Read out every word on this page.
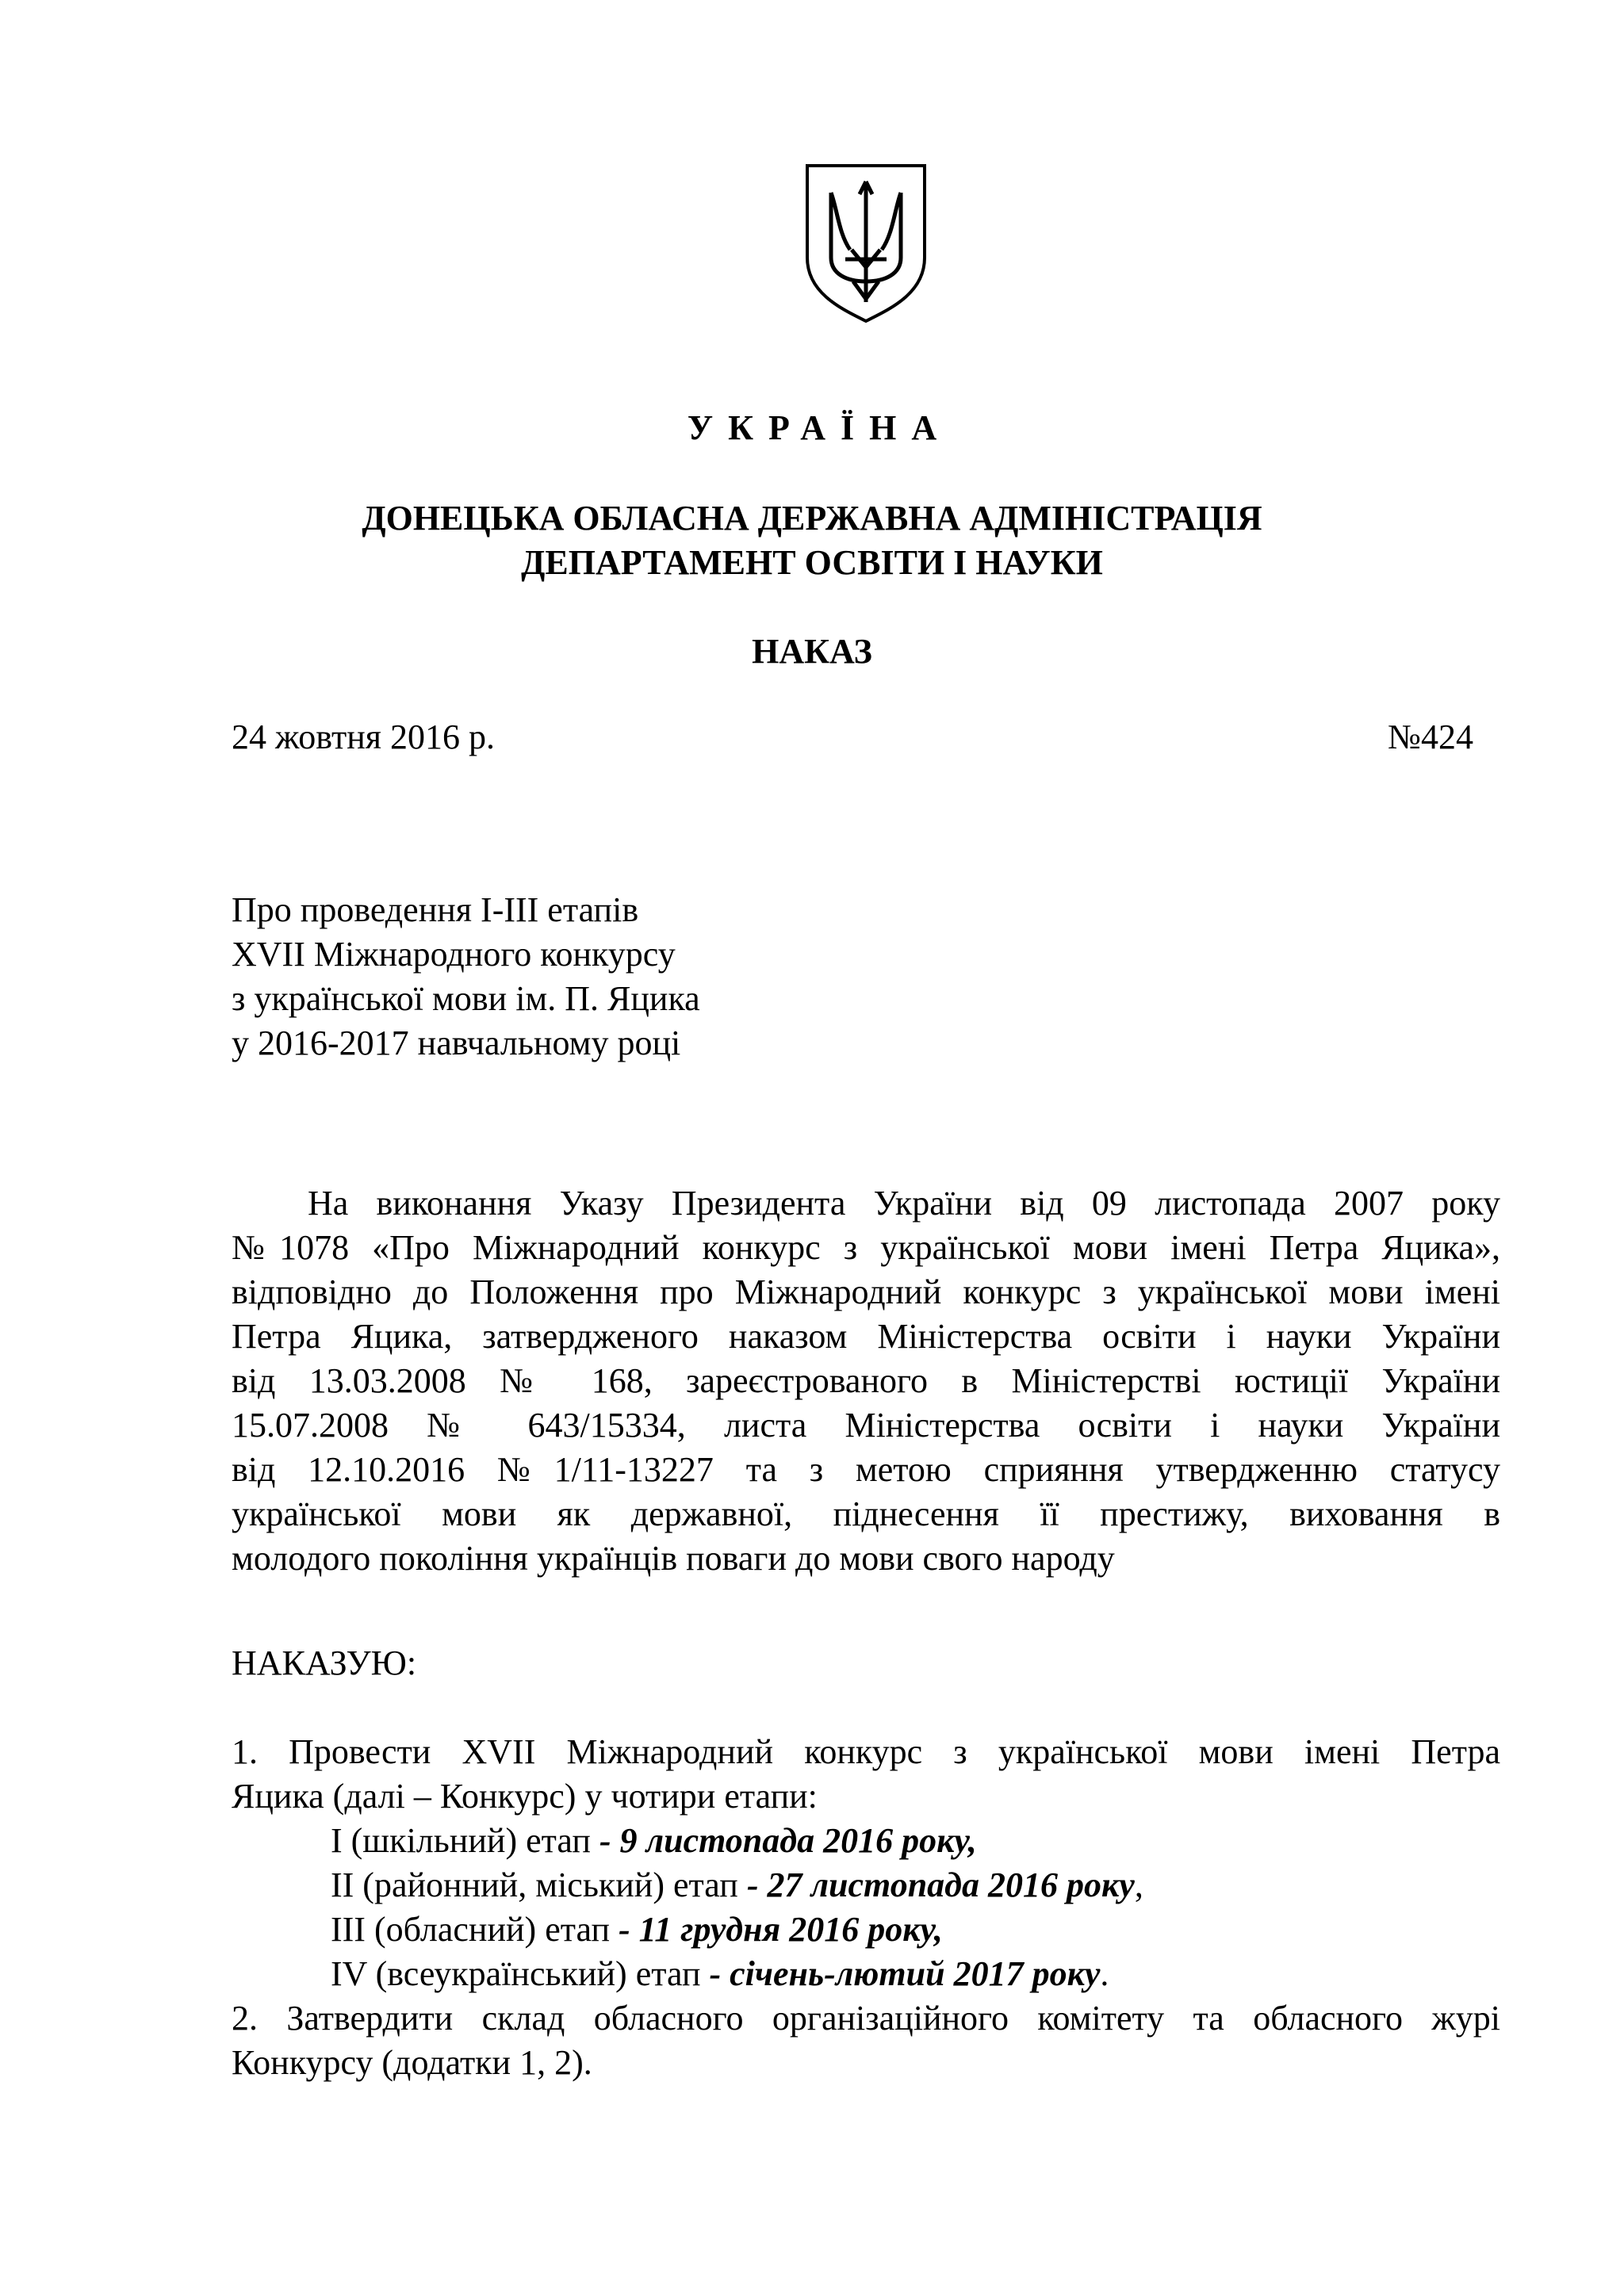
УКРАЇНА
ДОНЕЦЬКА ОБЛАСНА ДЕРЖАВНА АДМІНІСТРАЦІЯ
ДЕПАРТАМЕНТ ОСВІТИ І НАУКИ
НАКАЗ
24 жовтня 2016 р.	№424
Про проведення І-ІІІ етапів
XVII Міжнародного конкурсу
з української мови ім. П. Яцика
у 2016-2017 навчальному році
На виконання Указу Президента України від 09 листопада 2007 року
№1078 «Про Міжнародний конкурс з української мови імені Петра Яцика»,
відповідно до Положення про Міжнародний конкурс з української мови імені
Петра Яцика, затвердженого наказом Міністерства освіти і науки України
від 13.03.2008 № 168, зареєстрованого в Міністерстві юстиції України
15.07.2008 № 643/15334, листа Міністерства освіти і науки України
від 12.10.2016 №1/11-13227 та з метою сприяння утвердженню статусу
української мови як державної, піднесення її престижу, виховання в
молодого покоління українців поваги до мови свого народу
НАКАЗУЮ:
1. Провести XVII Міжнародний конкурс з української мови імені Петра
Яцика (далі – Конкурс) у чотири етапи:
I (шкільний) етап - 9 листопада 2016 року,
II (районний, міський) етап - 27 листопада 2016 року,
III (обласний) етап - 11 грудня 2016 року,
IV (всеукраїнський) етап - січень-лютий 2017 року.
2. Затвердити склад обласного організаційного комітету та обласного журі
Конкурсу (додатки 1, 2).
